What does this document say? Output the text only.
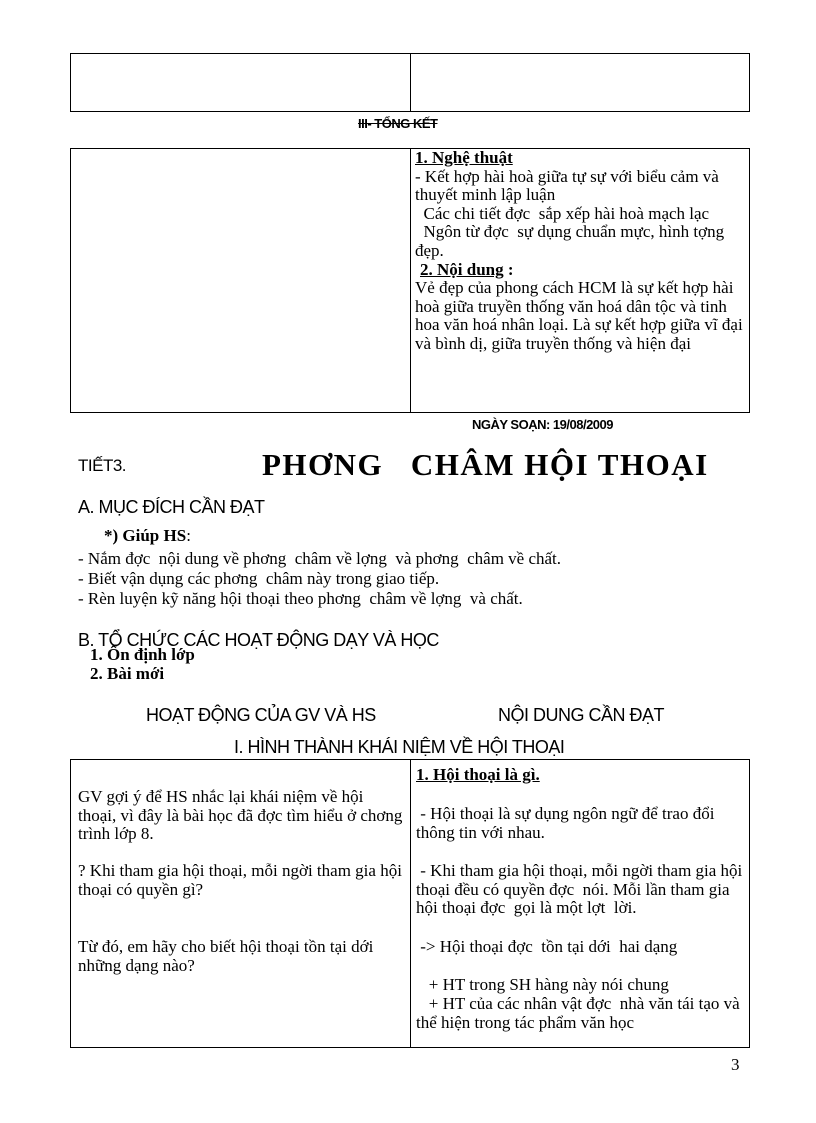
III- TỔNG KẾT

1. Nghệ thuật

- Kết hợp hài hoà giữa tự sự với biểu cảm và thuyết minh lập luận

Các chi tiết đợc  sắp xếp hài hoà mạch lạc

Ngôn từ đợc  sự dụng chuẩn mực, hình tợng  đẹp.

2. Nội dung :

Vẻ đẹp của phong cách HCM là sự kết hợp hài hoà giữa truyền thống văn hoá dân tộc và tinh hoa văn hoá nhân loại. Là sự kết hợp giữa vĩ đại và bình dị, giữa truyền thống và hiện đại

NGÀY SOẠN: 19/08/2009
TIẾT3.	PHƠNG   CHÂM HỘI THOẠI
A. MỤC ĐÍCH CẦN ĐẠT
*) Giúp HS:
- Nắm đợc  nội dung về phơng  châm về lợng  và phơng  châm về chất.
- Biết vận dụng các phơng  châm này trong giao tiếp.
- Rèn luyện kỹ năng hội thoại theo phơng  châm về lợng  và chất.
B. TỔ CHỨC CÁC HOẠT ĐỘNG DẠY VÀ HỌC
1. Ổn định lớp
2. Bài mới
HOẠT ĐỘNG CỦA GV VÀ HS	NỘI DUNG CẦN ĐẠT
I. HÌNH THÀNH KHÁI NIỆM VỀ HỘI THOẠI
GV gợi ý để HS nhắc lại khái niệm về hội thoại, vì đây là bài học đã đợc tìm hiểu ở chơng trình lớp 8.
? Khi tham gia hội thoại, mỗi ngời tham gia hội thoại có quyền gì?
Từ đó, em hãy cho biết hội thoại tồn tại dới những dạng nào?
1. Hội thoại là gì.
- Hội thoại là sự dụng ngôn ngữ để trao đổi thông tin với nhau.
- Khi tham gia hội thoại, mỗi ngời tham gia hội thoại đều có quyền đợc  nói. Mỗi lần tham gia hội thoại đợc  gọi là một lợt  lời.
-> Hội thoại đợc  tồn tại dới  hai dạng
+ HT trong SH hàng này nói chung
+ HT của các nhân vật đợc  nhà văn tái tạo và thể hiện trong tác phẩm văn học
3
